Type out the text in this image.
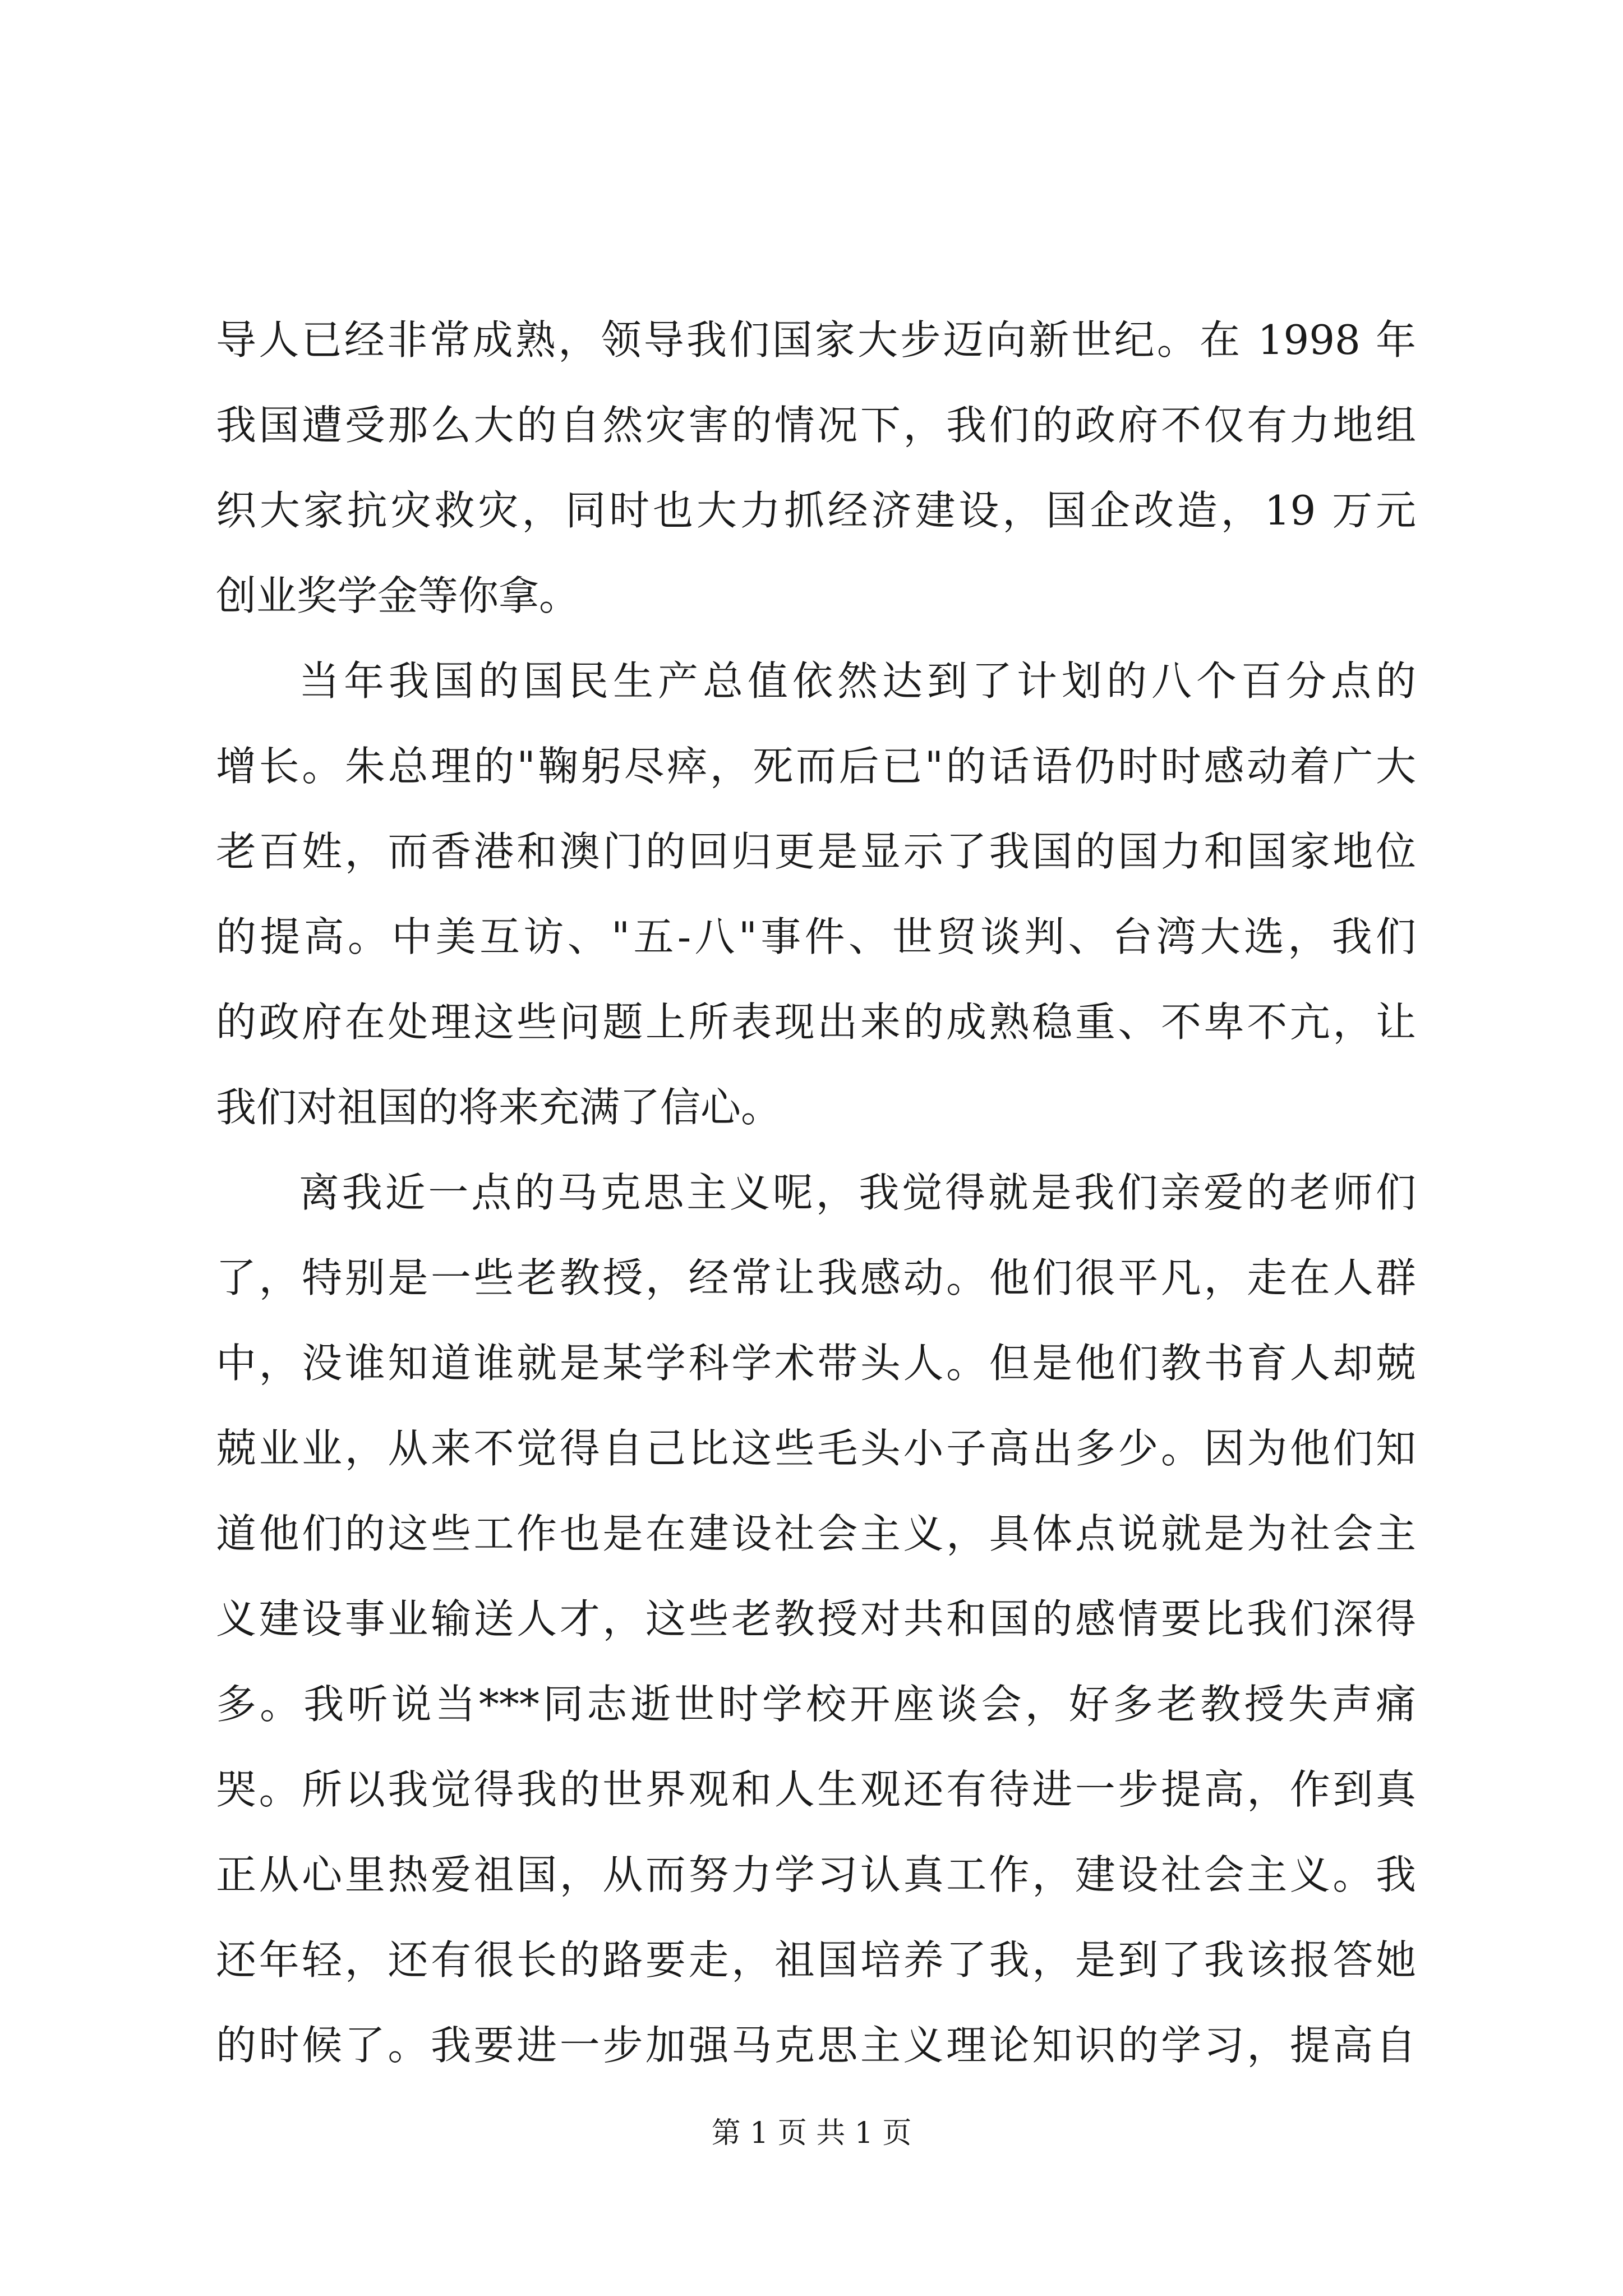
导人已经非常成熟，领导我们国家大步迈向新世纪。在 1998 年
我国遭受那么大的自然灾害的情况下，我们的政府不仅有力地组
织大家抗灾救灾，同时也大力抓经济建设，国企改造，19 万元
创业奖学金等你拿。
当年我国的国民生产总值依然达到了计划的八个百分点的
增长。朱总理的"鞠躬尽瘁，死而后已"的话语仍时时感动着广大
老百姓，而香港和澳门的回归更是显示了我国的国力和国家地位
的提高。中美互访、"五-八"事件、世贸谈判、台湾大选，我们
的政府在处理这些问题上所表现出来的成熟稳重、不卑不亢，让
我们对祖国的将来充满了信心。
离我近一点的马克思主义呢，我觉得就是我们亲爱的老师们
了，特别是一些老教授，经常让我感动。他们很平凡，走在人群
中，没谁知道谁就是某学科学术带头人。但是他们教书育人却兢
兢业业，从来不觉得自己比这些毛头小子高出多少。因为他们知
道他们的这些工作也是在建设社会主义，具体点说就是为社会主
义建设事业输送人才，这些老教授对共和国的感情要比我们深得
多。我听说当***同志逝世时学校开座谈会，好多老教授失声痛
哭。所以我觉得我的世界观和人生观还有待进一步提高，作到真
正从心里热爱祖国，从而努力学习认真工作，建设社会主义。我
还年轻，还有很长的路要走，祖国培养了我，是到了我该报答她
的时候了。我要进一步加强马克思主义理论知识的学习，提高自
第 1 页 共 1 页
